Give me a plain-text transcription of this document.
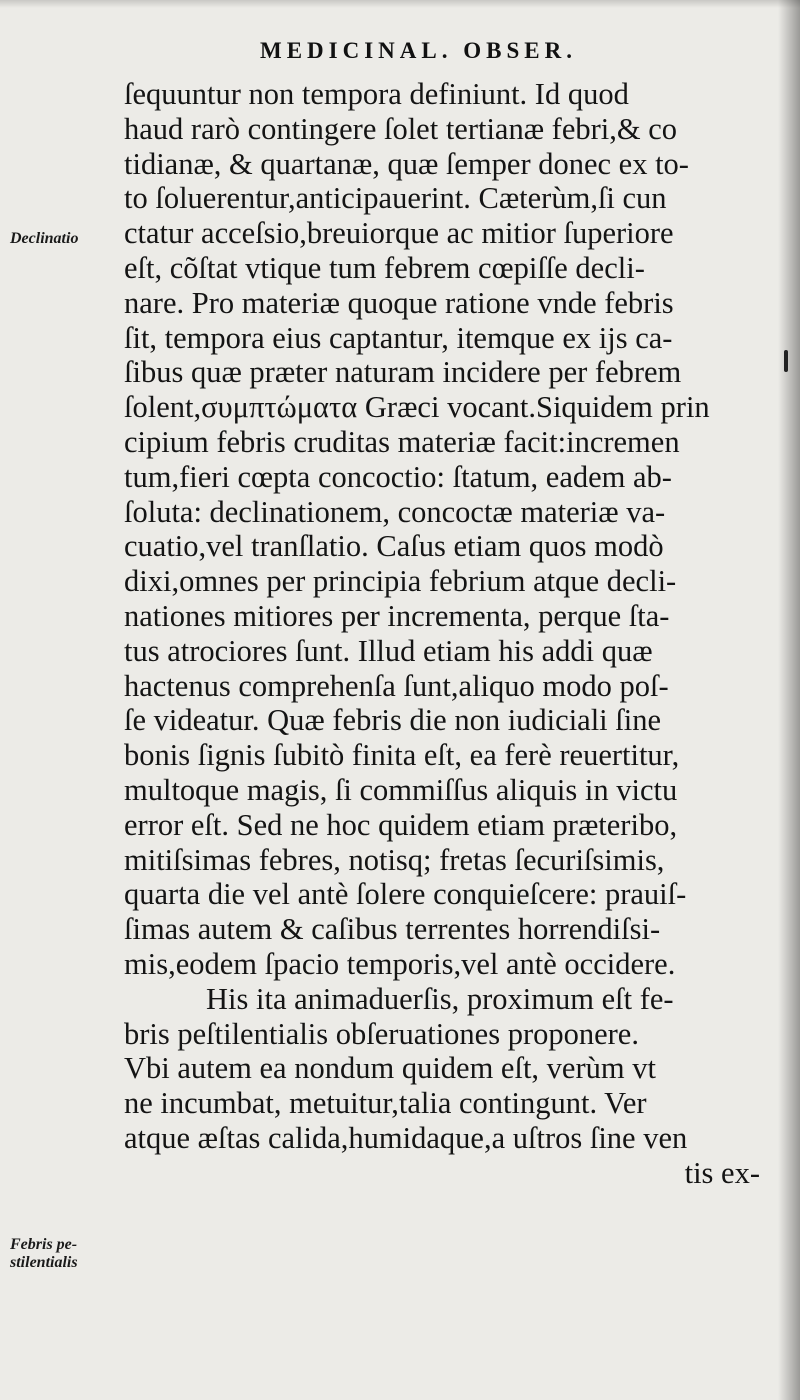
MEDICINAL. OBSER.
Declinatio
Febris pe-
stilentialis
ſequuntur non tempora definiunt. Id quod
haud rarò contingere ſolet tertianæ febri,& co
tidianæ, & quartanæ, quæ ſemper donec ex to-
to ſoluerentur,anticipauerint. Cæterùm,ſi cun
ctatur acceſsio,breuiorque ac mitior ſuperiore
eſt, cõſtat vtique tum febrem cœpiſſe decli-
nare. Pro materiæ quoque ratione vnde febris
ſit, tempora eius captantur, itemque ex ijs ca-
ſibus quæ præter naturam incidere per febrem
ſolent,συμπτώματα Græci vocant.Siquidem prin
cipium febris cruditas materiæ facit:incremen
tum,fieri cœpta concoctio: ſtatum, eadem ab-
ſoluta: declinationem, concoctæ materiæ va-
cuatio,vel tranſlatio. Caſus etiam quos modò
dixi,omnes per principia febrium atque decli-
nationes mitiores per incrementa, perque ſta-
tus atrociores ſunt. Illud etiam his addi quæ
hactenus comprehenſa ſunt,aliquo modo poſ-
ſe videatur. Quæ febris die non iudiciali ſine
bonis ſignis ſubitò finita eſt, ea ferè reuertitur,
multoque magis, ſi commiſſus aliquis in victu
error eſt. Sed ne hoc quidem etiam præteribo,
mitiſsimas febres, notisq; fretas ſecuriſsimis,
quarta die vel antè ſolere conquieſcere: prauiſ-
ſimas autem & caſibus terrentes horrendiſsi-
mis,eodem ſpacio temporis,vel antè occidere.
His ita animaduerſis, proximum eſt fe-
bris peſtilentialis obſeruationes proponere.
Vbi autem ea nondum quidem eſt, verùm vt
ne incumbat, metuitur,talia contingunt. Ver
atque æſtas calida,humidaque,a uſtros ſine ven
tis ex-
